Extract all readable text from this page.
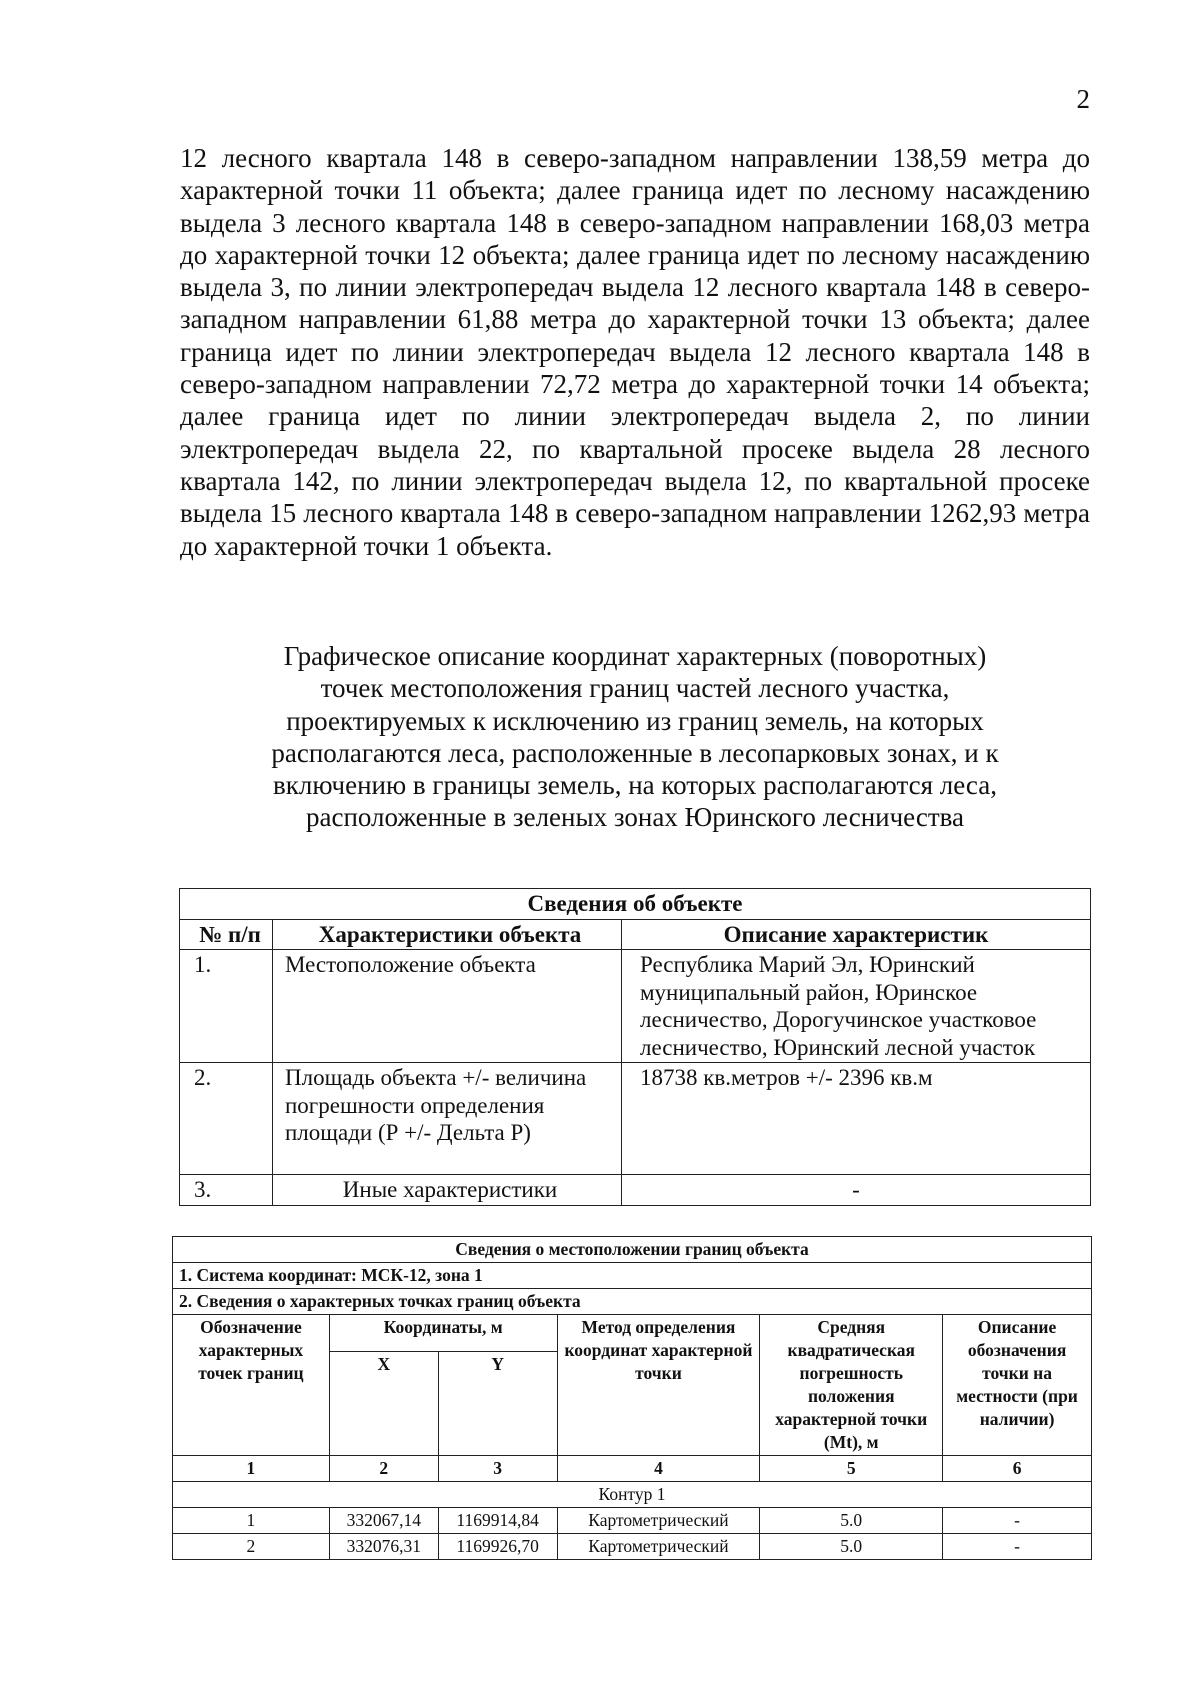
2
12 лесного квартала 148 в северо-западном направлении 138,59 метра до характерной точки 11 объекта; далее граница идет по лесному насаждению выдела 3 лесного квартала 148 в северо-западном направлении 168,03 метра до характерной точки 12 объекта; далее граница идет по лесному насаждению выдела 3, по линии электропередач выдела 12 лесного квартала 148 в северо-западном направлении 61,88 метра до характерной точки 13 объекта; далее граница идет по линии электропередач выдела 12 лесного квартала 148 в северо-западном направлении 72,72 метра до характерной точки 14 объекта; далее граница идет по линии электропередач выдела 2, по линии электропередач выдела 22, по квартальной просеке выдела 28 лесного квартала 142, по линии электропередач выдела 12, по квартальной просеке выдела 15 лесного квартала 148 в северо-западном направлении 1262,93 метра до характерной точки 1 объекта.
Графическое описание координат характерных (поворотных)
точек местоположения границ частей лесного участка,
проектируемых к исключению из границ земель, на которых
располагаются леса, расположенные в лесопарковых зонах, и к
включению в границы земель, на которых располагаются леса,
расположенные в зеленых зонах Юринского лесничества
Сведения об объекте		
№ п/п	Характеристики объекта	Описание характеристик
1.	Местоположение объекта	Республика Марий Эл, Юринский муниципальный район, Юринское лесничество, Дорогучинское участковое лесничество, Юринский лесной участок
2.	Площадь объекта +/- величина погрешности определения площади (Р +/- Дельта Р)	18738 кв.метров +/- 2396 кв.м
3.	Иные характеристики	-
Сведения о местоположении границ объекта					
1. Система координат: МСК-12, зона 1					
2. Сведения о характерных точках границ объекта					
Обозначение характерных точек границ	Координаты, м		Метод определения координат характерной точки	Средняя квадратическая погрешность положения характерной точки (Mt), м	Описание обозначения точки на местности (при наличии)
	X	Y			
1	2	3	4	5	6
Контур 1					
1	332067,14	1169914,84	Картометрический	5.0	-
2	332076,31	1169926,70	Картометрический	5.0	-
